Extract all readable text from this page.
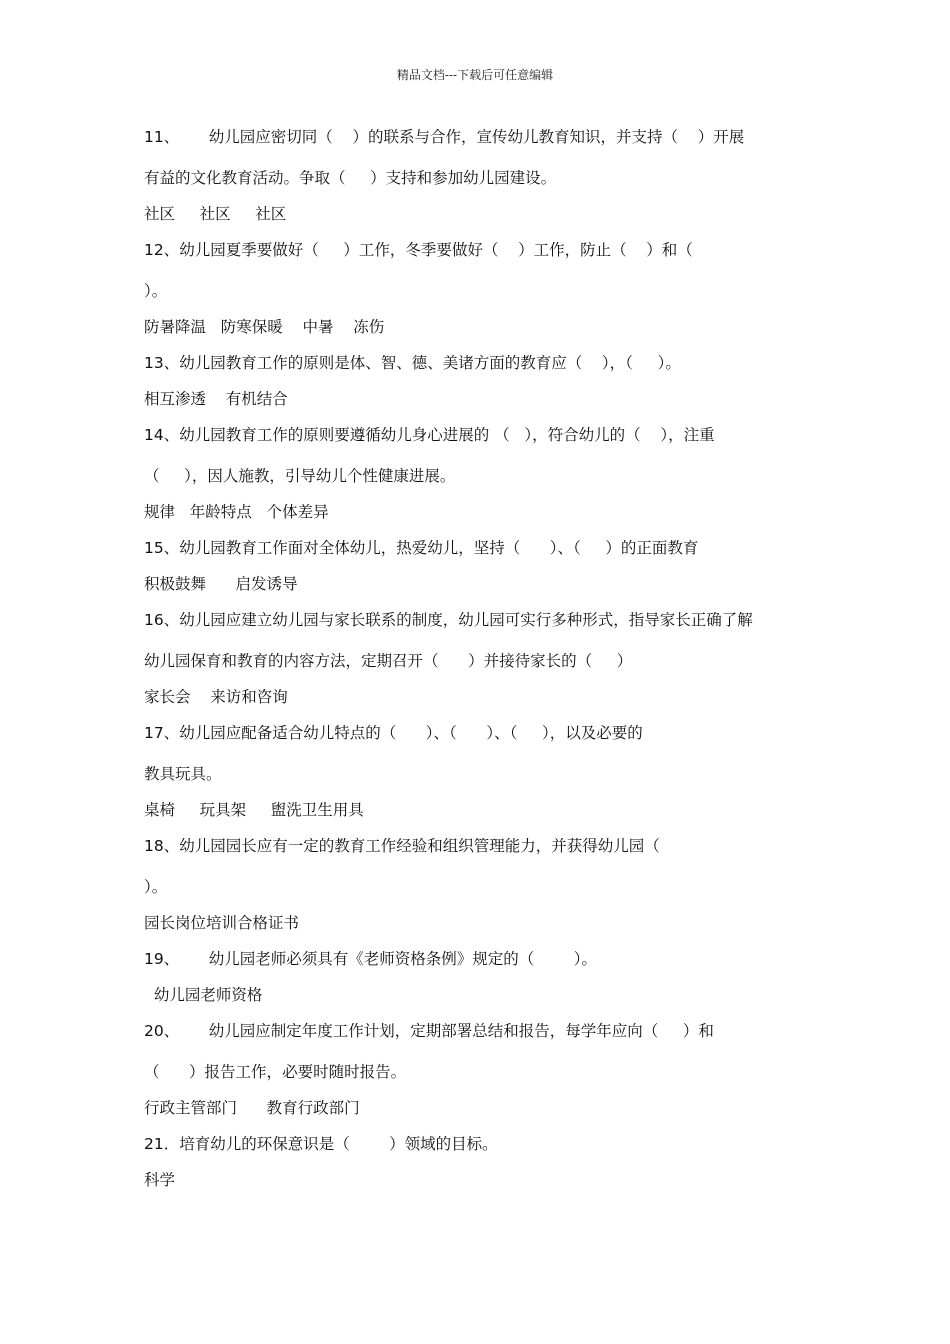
精品文档---下载后可任意编辑
11、      幼儿园应密切同（    ）的联系与合作，宣传幼儿教育知识，并支持（    ）开展
有益的文化教育活动。争取（     ）支持和参加幼儿园建设。
社区     社区     社区
12、幼儿园夏季要做好（     ）工作，冬季要做好（    ）工作，防止（    ）和（
）。
防暑降温   防寒保暖    中暑    冻伤
13、幼儿园教育工作的原则是体、智、德、美诸方面的教育应（    ），（     ）。
相互渗透    有机结合
14、幼儿园教育工作的原则要遵循幼儿身心进展的 （   ），符合幼儿的（    ），注重
（     ），因人施教，引导幼儿个性健康进展。
规律   年龄特点   个体差异
15、幼儿园教育工作面对全体幼儿，热爱幼儿，坚持（      ）、（     ）的正面教育
积极鼓舞      启发诱导
16、幼儿园应建立幼儿园与家长联系的制度，幼儿园可实行多种形式，指导家长正确了解
幼儿园保育和教育的内容方法，定期召开（      ）并接待家长的（     ）
家长会    来访和咨询
17、幼儿园应配备适合幼儿特点的（      ）、（      ）、（     ），以及必要的
教具玩具。
桌椅     玩具架     盥洗卫生用具
18、幼儿园园长应有一定的教育工作经验和组织管理能力，并获得幼儿园（
）。
园长岗位培训合格证书
19、      幼儿园老师必须具有《老师资格条例》规定的（        ）。
幼儿园老师资格
20、      幼儿园应制定年度工作计划，定期部署总结和报告，每学年应向（     ）和
（      ）报告工作，必要时随时报告。
行政主管部门      教育行政部门
21．培育幼儿的环保意识是（        ）领域的目标。
科学
